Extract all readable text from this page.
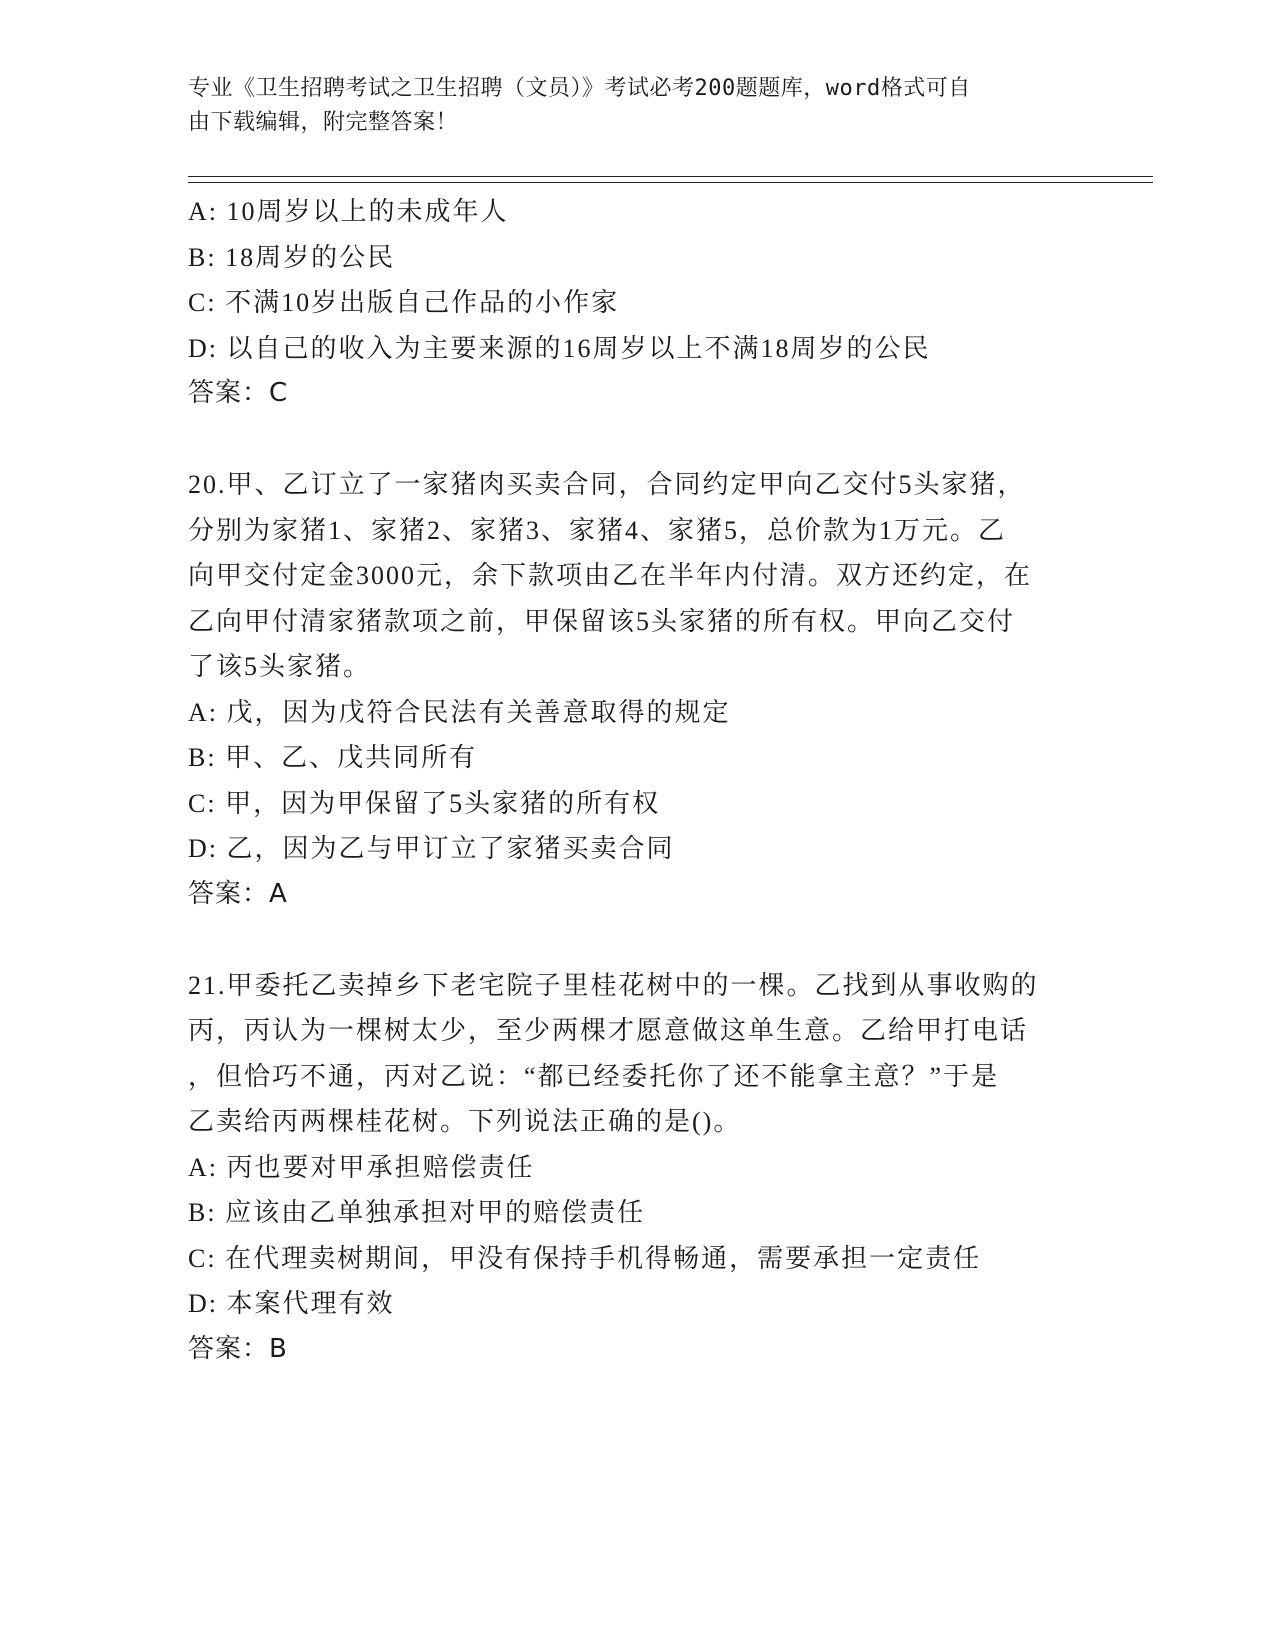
专业《卫生招聘考试之卫生招聘（文员）》考试必考200题题库，word格式可自
由下载编辑，附完整答案！
A: 10周岁以上的未成年人
B: 18周岁的公民
C: 不满10岁出版自己作品的小作家
D: 以自己的收入为主要来源的16周岁以上不满18周岁的公民
答案：C
20.甲、乙订立了一家猪肉买卖合同，合同约定甲向乙交付5头家猪，
分别为家猪1、家猪2、家猪3、家猪4、家猪5，总价款为1万元。乙
向甲交付定金3000元，余下款项由乙在半年内付清。双方还约定，在
乙向甲付清家猪款项之前，甲保留该5头家猪的所有权。甲向乙交付
了该5头家猪。
A: 戊，因为戊符合民法有关善意取得的规定
B: 甲、乙、戊共同所有
C: 甲，因为甲保留了5头家猪的所有权
D: 乙，因为乙与甲订立了家猪买卖合同
答案：A
21.甲委托乙卖掉乡下老宅院子里桂花树中的一棵。乙找到从事收购的
丙，丙认为一棵树太少，至少两棵才愿意做这单生意。乙给甲打电话
，但恰巧不通，丙对乙说：“都已经委托你了还不能拿主意？”于是
乙卖给丙两棵桂花树。下列说法正确的是()。
A: 丙也要对甲承担赔偿责任
B: 应该由乙单独承担对甲的赔偿责任
C: 在代理卖树期间，甲没有保持手机得畅通，需要承担一定责任
D: 本案代理有效
答案：B
